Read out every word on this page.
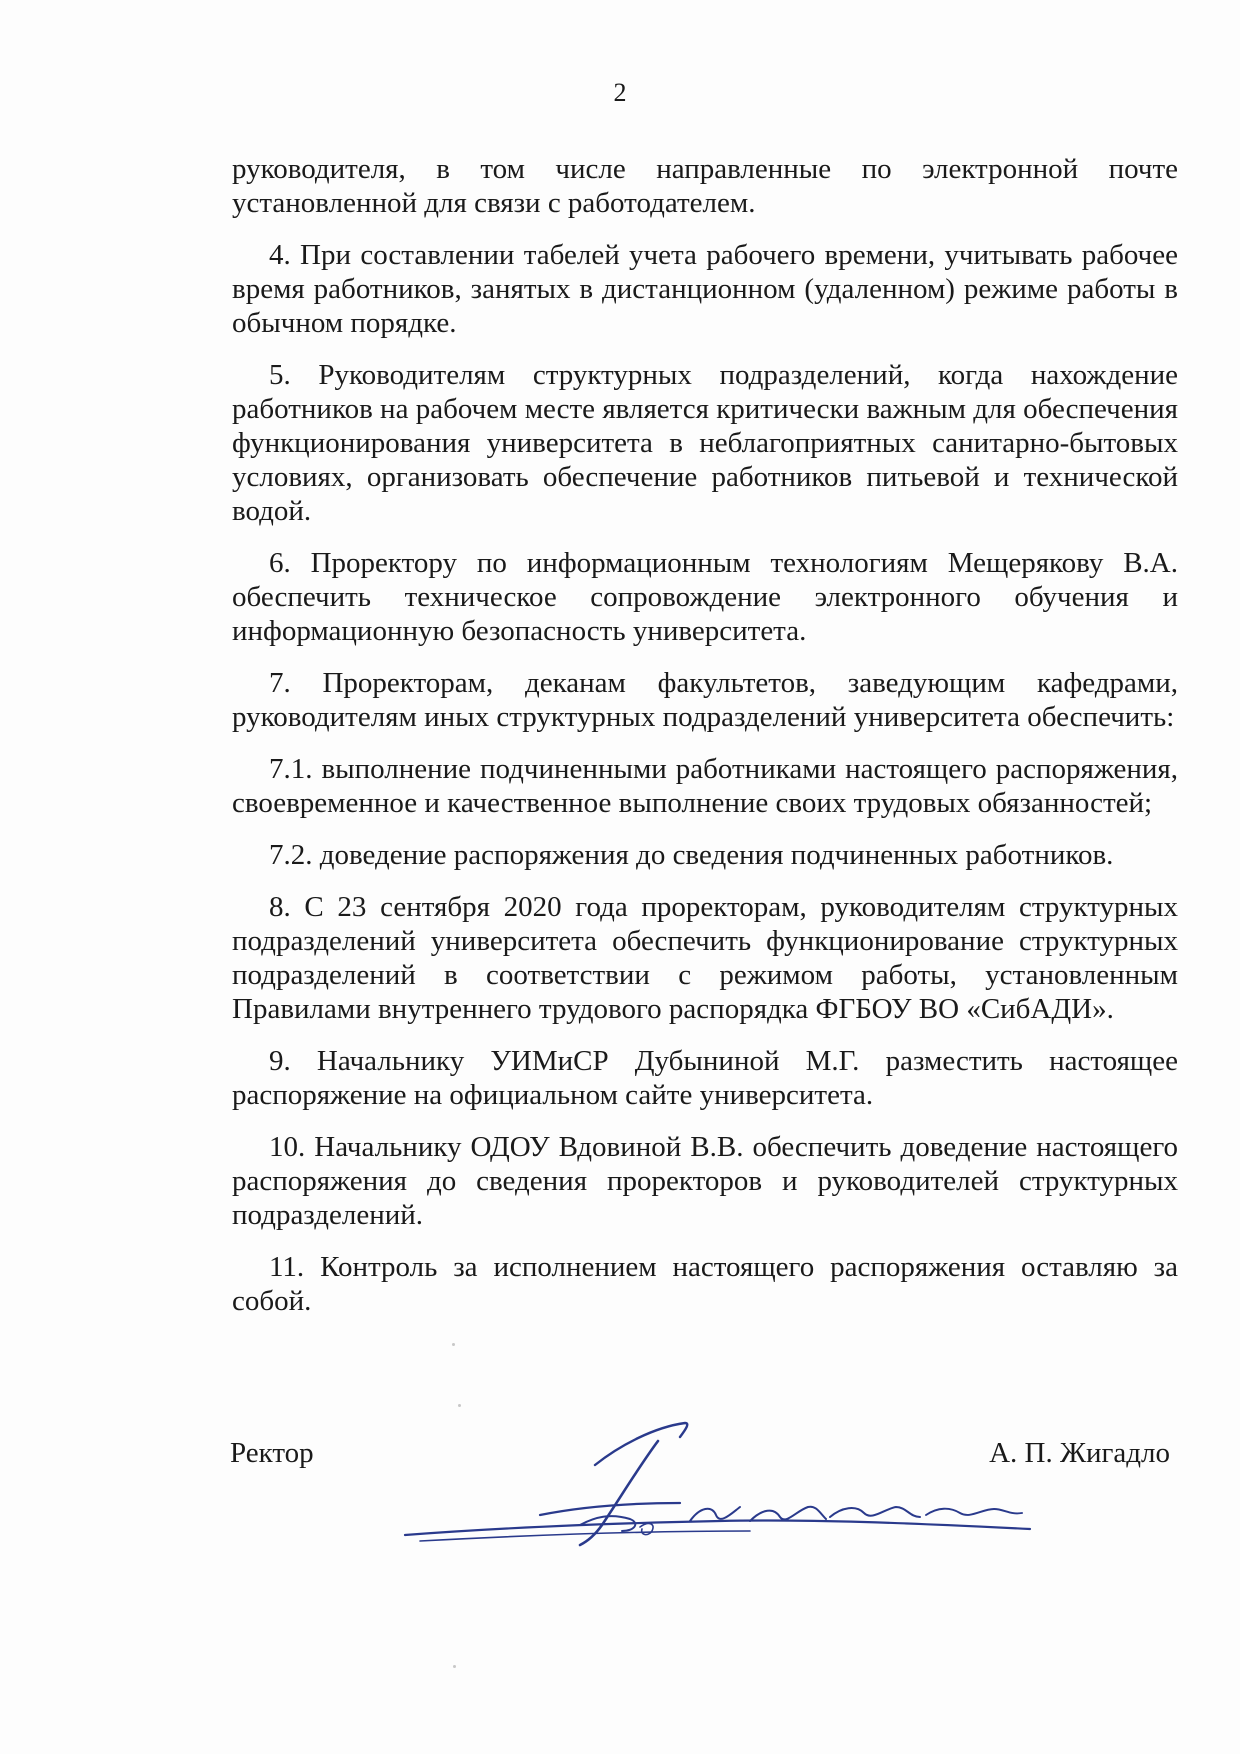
2

руководителя, в том числе направленные по электронной почте установленной для связи с работодателем.

4. При составлении табелей учета рабочего времени, учитывать рабочее время работников, занятых в дистанционном (удаленном) режиме работы в обычном порядке.

5. Руководителям структурных подразделений, когда нахождение работников на рабочем месте является критически важным для обеспечения функционирования университета в неблагоприятных санитарно-бытовых условиях, организовать обеспечение работников питьевой и технической водой.

6. Проректору по информационным технологиям Мещерякову В.А. обеспечить техническое сопровождение электронного обучения и информационную безопасность университета.

7. Проректорам, деканам факультетов, заведующим кафедрами, руководителям иных структурных подразделений университета обеспечить:

7.1. выполнение подчиненными работниками настоящего распоряжения, своевременное и качественное выполнение своих трудовых обязанностей;

7.2. доведение распоряжения до сведения подчиненных работников.

8. С 23 сентября 2020 года проректорам, руководителям структурных подразделений университета обеспечить функционирование структурных подразделений в соответствии с режимом работы, установленным Правилами внутреннего трудового распорядка ФГБОУ ВО «СибАДИ».

9. Начальнику УИМиСР Дубыниной М.Г. разместить настоящее распоряжение на официальном сайте университета.

10. Начальнику ОДОУ Вдовиной В.В. обеспечить доведение настоящего распоряжения до сведения проректоров и руководителей структурных подразделений.

11. Контроль за исполнением настоящего распоряжения оставляю за собой.

Ректор	А. П. Жигадло
